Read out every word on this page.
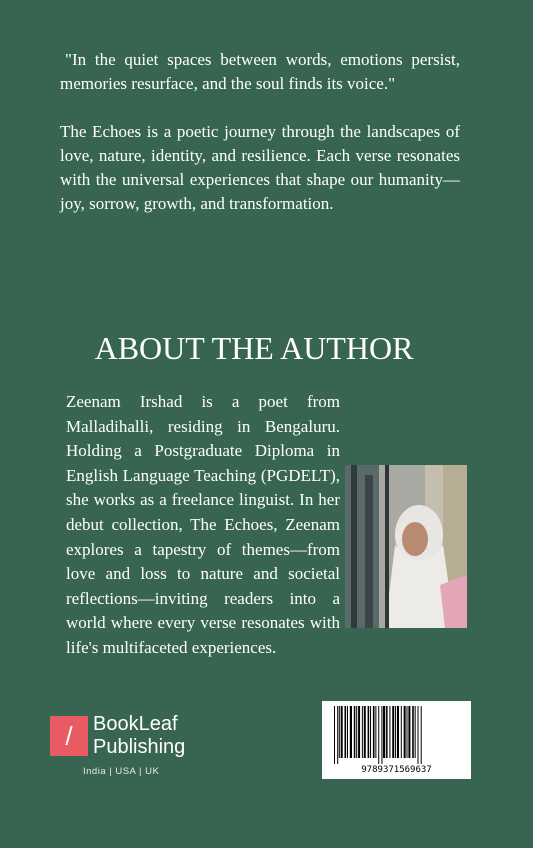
"In the quiet spaces between words, emotions persist, memories resurface, and the soul finds its voice."

The Echoes is a poetic journey through the landscapes of love, nature, identity, and resilience. Each verse resonates with the universal experiences that shape our humanity—joy, sorrow, growth, and transformation.

ABOUT THE AUTHOR

Zeenam Irshad is a poet from Malladihalli, residing in Bengaluru. Holding a Postgraduate Diploma in English Language Teaching (PGDELT), she works as a freelance linguist. In her debut collection, The Echoes, Zeenam explores a tapestry of themes—from love and loss to nature and societal reflections—inviting readers into a world where every verse resonates with life's multifaceted experiences.

/	BookLeaf
Publishing
India | USA | UK	9789371569637
